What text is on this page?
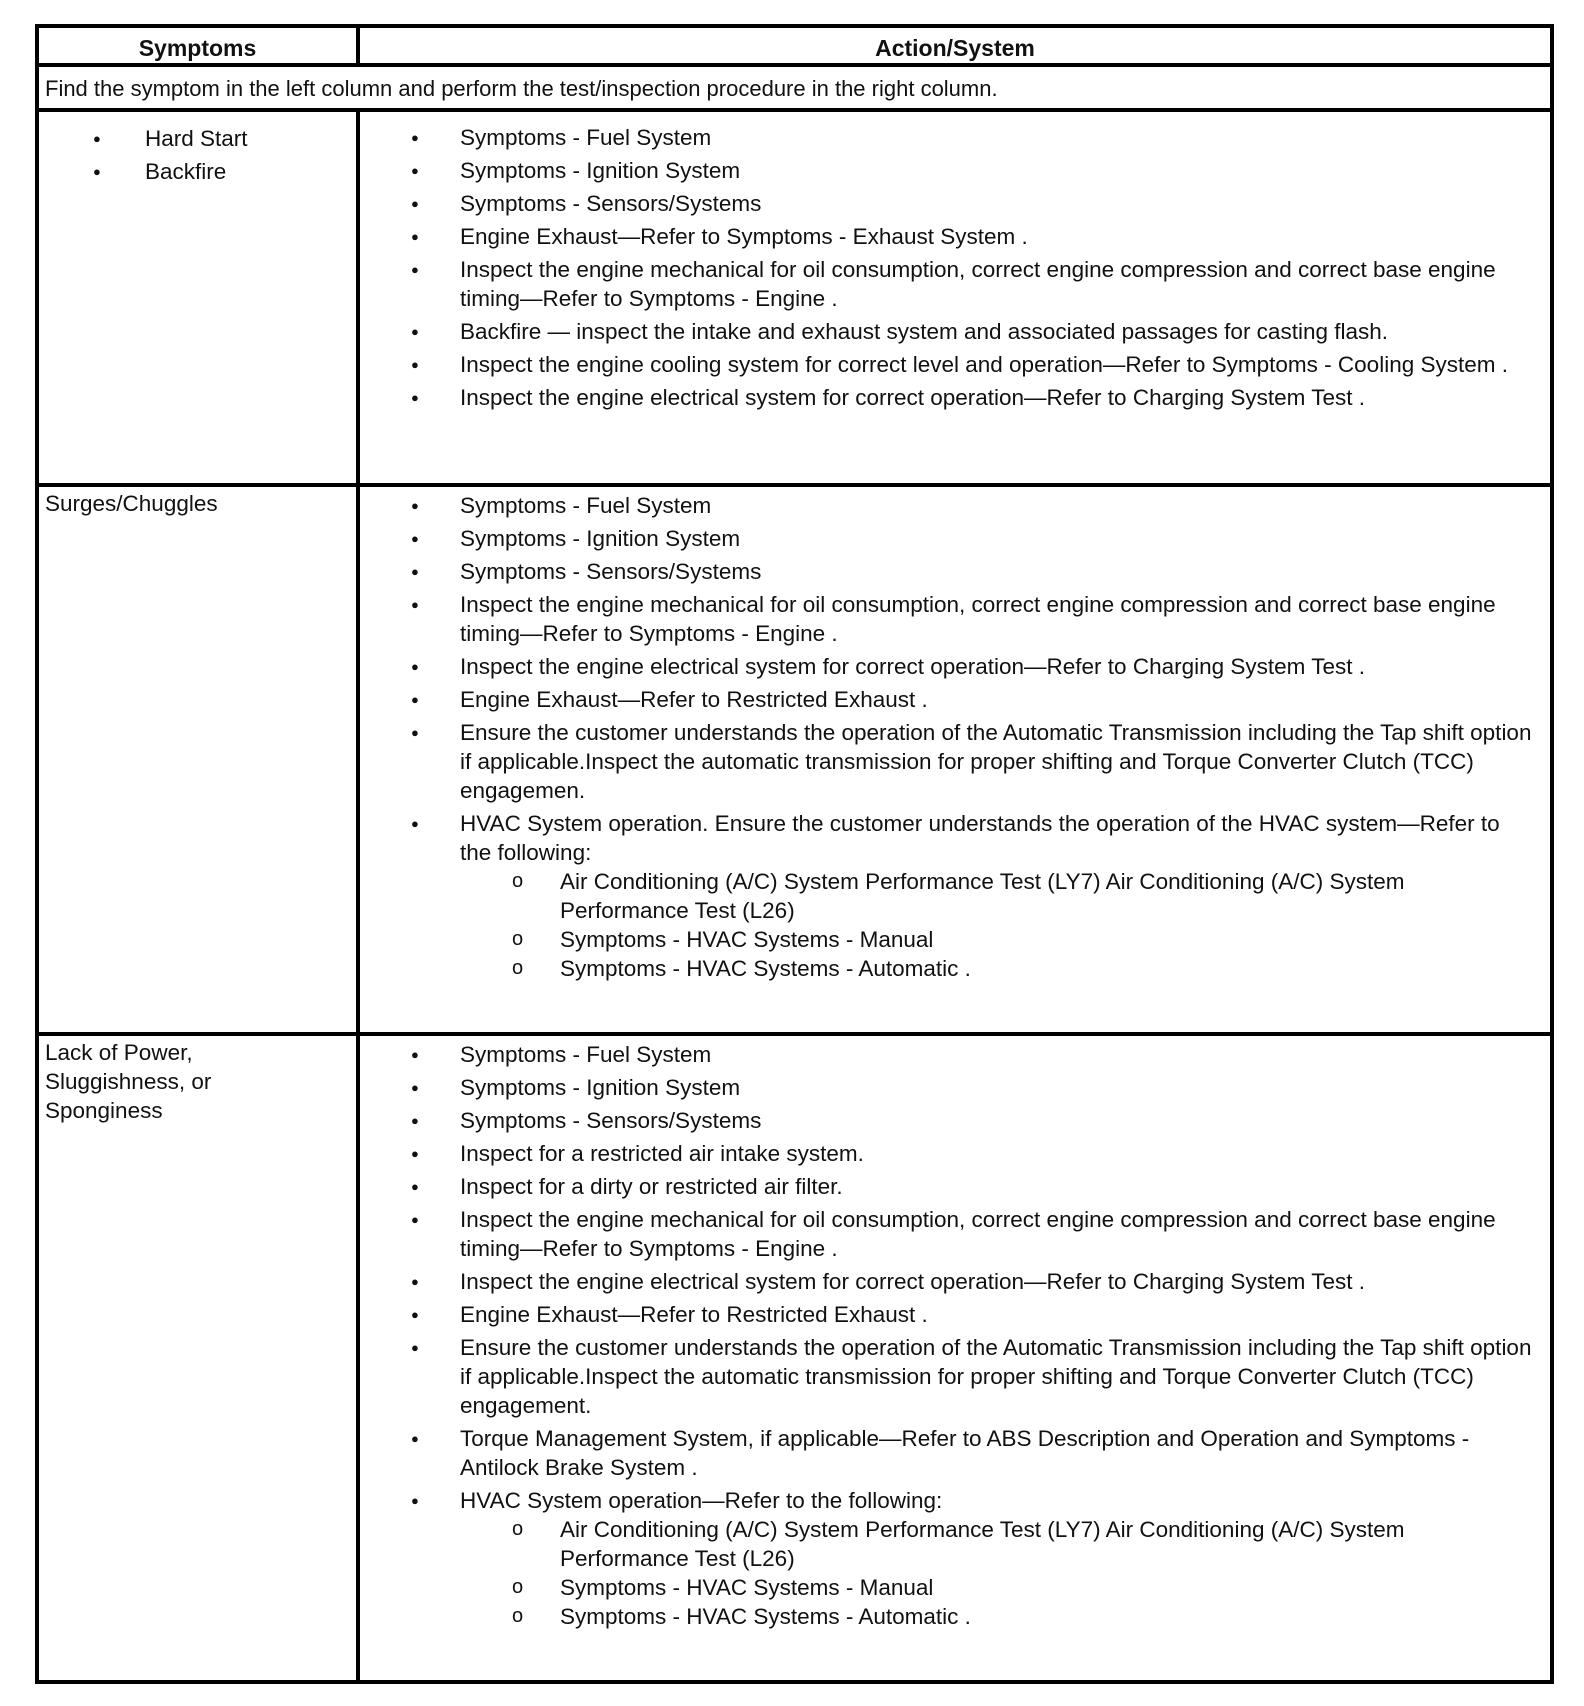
Symptoms	Action/System
Find the symptom in the left column and perform the test/inspection procedure in the right column.
● Hard Start
● Backfire
● Symptoms - Fuel System
● Symptoms - Ignition System
● Symptoms - Sensors/Systems
● Engine Exhaust—Refer to Symptoms - Exhaust System .
● Inspect the engine mechanical for oil consumption, correct engine compression and correct base engine timing—Refer to Symptoms - Engine .
● Backfire — inspect the intake and exhaust system and associated passages for casting flash.
● Inspect the engine cooling system for correct level and operation—Refer to Symptoms - Cooling System .
● Inspect the engine electrical system for correct operation—Refer to Charging System Test .
Surges/Chuggles
●	Symptoms - Fuel System
● Symptoms - Ignition System
● Symptoms - Sensors/Systems
● Inspect the engine mechanical for oil consumption, correct engine compression and correct base engine timing—Refer to Symptoms - Engine .
● Inspect the engine electrical system for correct operation—Refer to Charging System Test .
● Engine Exhaust—Refer to Restricted Exhaust .
● Ensure the customer understands the operation of the Automatic Transmission including the Tap shift option if applicable.Inspect the automatic transmission for proper shifting and Torque Converter Clutch (TCC) engagemen.
● HVAC System operation. Ensure the customer understands the operation of the HVAC system—Refer to the following:
o Air Conditioning (A/C) System Performance Test (LY7) Air Conditioning (A/C) System Performance Test (L26)
o Symptoms - HVAC Systems - Manual
o Symptoms - HVAC Systems - Automatic .
Lack of Power, Sluggishness, or Sponginess
● Symptoms - Fuel System
● Symptoms - Ignition System
● Symptoms - Sensors/Systems
● Inspect for a restricted air intake system.
● Inspect for a dirty or restricted air filter.
● Inspect the engine mechanical for oil consumption, correct engine compression and correct base engine timing—Refer to Symptoms - Engine .
● Inspect the engine electrical system for correct operation—Refer to Charging System Test .
● Engine Exhaust—Refer to Restricted Exhaust .
● Ensure the customer understands the operation of the Automatic Transmission including the Tap shift option if applicable.Inspect the automatic transmission for proper shifting and Torque Converter Clutch (TCC) engagement.
● Torque Management System, if applicable—Refer to ABS Description and Operation and Symptoms - Antilock Brake System .
● HVAC System operation—Refer to the following:
o Air Conditioning (A/C) System Performance Test (LY7) Air Conditioning (A/C) System Performance Test (L26)
o Symptoms - HVAC Systems - Manual
o Symptoms - HVAC Systems - Automatic .
